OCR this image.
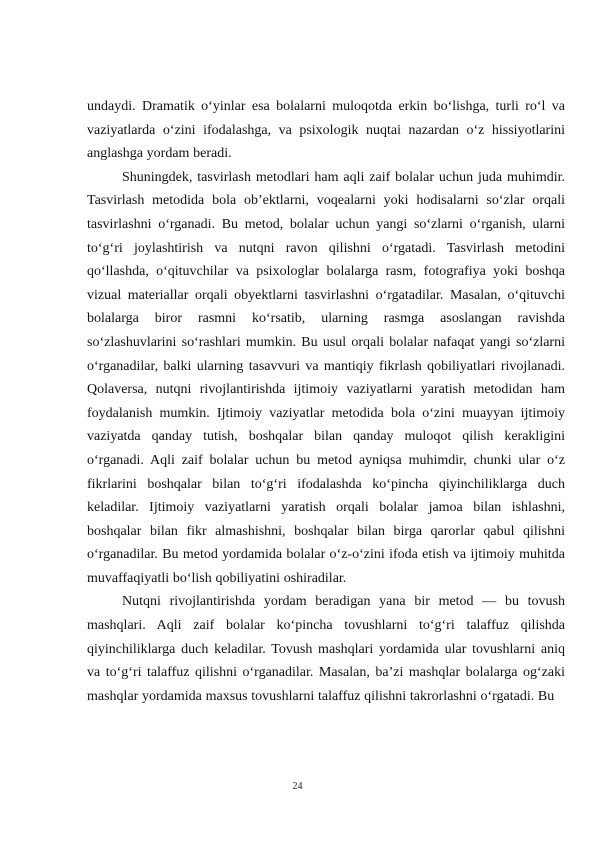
undaydi. Dramatik o‘yinlar esa bolalarni muloqotda erkin bo‘lishga, turli ro‘l va vaziyatlarda o‘zini ifodalashga, va psixologik nuqtai nazardan o‘z hissiyotlarini anglashga yordam beradi.

Shuningdek, tasvirlash metodlari ham aqli zaif bolalar uchun juda muhimdir. Tasvirlash metodida bola ob’ektlarni, voqealarni yoki hodisalarni so‘zlar orqali tasvirlashni o‘rganadi. Bu metod, bolalar uchun yangi so‘zlarni o‘rganish, ularni to‘g‘ri joylashtirish va nutqni ravon qilishni o‘rgatadi. Tasvirlash metodini qo‘llashda, o‘qituvchilar va psixologlar bolalarga rasm, fotografiya yoki boshqa vizual materiallar orqali obyektlarni tasvirlashni o‘rgatadilar. Masalan, o‘qituvchi bolalarga biror rasmni ko‘rsatib, ularning rasmga asoslangan ravishda so‘zlashuvlarini so‘rashlari mumkin. Bu usul orqali bolalar nafaqat yangi so‘zlarni o‘rganadilar, balki ularning tasavvuri va mantiqiy fikrlash qobiliyatlari rivojlanadi. Qolaversa, nutqni rivojlantirishda ijtimoiy vaziyatlarni yaratish metodidan ham foydalanish mumkin. Ijtimoiy vaziyatlar metodida bola o‘zini muayyan ijtimoiy vaziyatda qanday tutish, boshqalar bilan qanday muloqot qilish kerakligini o‘rganadi. Aqli zaif bolalar uchun bu metod ayniqsa muhimdir, chunki ular o‘z fikrlarini boshqalar bilan to‘g‘ri ifodalashda ko‘pincha qiyinchiliklarga duch keladilar. Ijtimoiy vaziyatlarni yaratish orqali bolalar jamoa bilan ishlashni, boshqalar bilan fikr almashishni, boshqalar bilan birga qarorlar qabul qilishni o‘rganadilar. Bu metod yordamida bolalar o‘z-o‘zini ifoda etish va ijtimoiy muhitda muvaffaqiyatli bo‘lish qobiliyatini oshiradilar.

Nutqni rivojlantirishda yordam beradigan yana bir metod — bu tovush mashqlari. Aqli zaif bolalar ko‘pincha tovushlarni to‘g‘ri talaffuz qilishda qiyinchiliklarga duch keladilar. Tovush mashqlari yordamida ular tovushlarni aniq va to‘g‘ri talaffuz qilishni o‘rganadilar. Masalan, ba’zi mashqlar bolalarga og‘zaki mashqlar yordamida maxsus tovushlarni talaffuz qilishni takrorlashni o‘rgatadi. Bu

24
